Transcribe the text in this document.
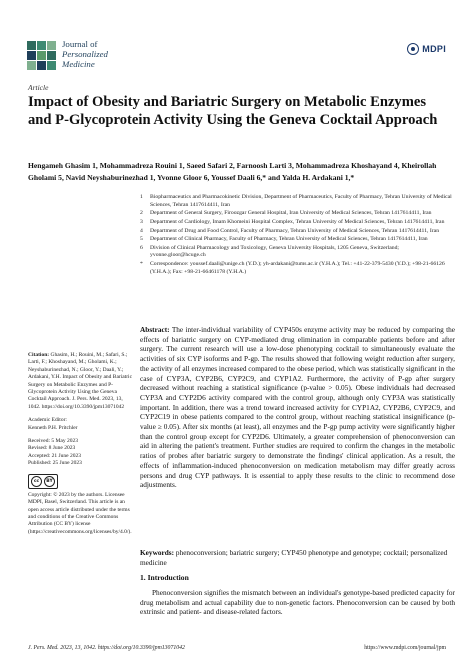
Journal of
Personalized
Medicine
MDPI
Article
Impact of Obesity and Bariatric Surgery on Metabolic Enzymes and P-Glycoprotein Activity Using the Geneva Cocktail Approach
Hengameh Ghasim 1, Mohammadreza Rouini 1, Saeed Safari 2, Farnoosh Larti 3, Mohammadreza Khoshayand 4, Kheirollah Gholami 5, Navid Neyshaburinezhad 1, Yvonne Gloor 6, Youssef Daali 6,* and Yalda H. Ardakani 1,*
1	Biopharmaceutics and Pharmacokinetic Division, Department of Pharmaceutics, Faculty of Pharmacy, Tehran University of Medical Sciences, Tehran 1417614411, Iran
2	Department of General Surgery, Firoozgar General Hospital, Iran University of Medical Sciences, Tehran 1417614411, Iran
3	Department of Cardiology, Imam Khomeini Hospital Complex, Tehran University of Medical Sciences, Tehran 1417614411, Iran
4	Department of Drug and Food Control, Faculty of Pharmacy, Tehran University of Medical Sciences, Tehran 1417614411, Iran
5	Department of Clinical Pharmacy, Faculty of Pharmacy, Tehran University of Medical Sciences, Tehran 1417614411, Iran
6	Division of Clinical Pharmacology and Toxicology, Geneva University Hospitals, 1205 Geneva, Switzerland; yvonne.gloor@hcuge.ch
*	Correspondence: youssef.daali@unige.ch (Y.D.); yh-ardakani@tums.ac.ir (Y.H.A.); Tel.: +41-22-379-5430 (Y.D.); +98-21-66126 (Y.H.A.); Fax: +98-21-66461178 (Y.H.A.)
Citation: Ghasim, H.; Rouini, M.; Safari, S.; Larti, F.; Khoshayand, M.; Gholami, K.; Neyshaburinezhad, N.; Gloor, Y.; Daali, Y.; Ardakani, Y.H. Impact of Obesity and Bariatric Surgery on Metabolic Enzymes and P-Glycoprotein Activity Using the Geneva Cocktail Approach. J. Pers. Med. 2023, 13, 1042. https://doi.org/10.3390/jpm13071042
Academic Editor:
Kenneth P.H. Pritchler
Received: 5 May 2023
Revised: 8 June 2023
Accepted: 21 June 2023
Published: 25 June 2023
cc	BY
Copyright: © 2023 by the authors. Licensee MDPI, Basel, Switzerland. This article is an open access article distributed under the terms and conditions of the Creative Commons Attribution (CC BY) license (https://creativecommons.org/licenses/by/4.0/).
Abstract: The inter-individual variability of CYP450s enzyme activity may be reduced by comparing the effects of bariatric surgery on CYP-mediated drug elimination in comparable patients before and after surgery. The current research will use a low-dose phenotyping cocktail to simultaneously evaluate the activities of six CYP isoforms and P-gp. The results showed that following weight reduction after surgery, the activity of all enzymes increased compared to the obese period, which was statistically significant in the case of CYP3A, CYP2B6, CYP2C9, and CYP1A2. Furthermore, the activity of P-gp after surgery decreased without reaching a statistical significance (p-value > 0.05). Obese individuals had decreased CYP3A and CYP2D6 activity compared with the control group, although only CYP3A was statistically important. In addition, there was a trend toward increased activity for CYP1A2, CYP2B6, CYP2C9, and CYP2C19 in obese patients compared to the control group, without reaching statistical insignificance (p-value ≥ 0.05). After six months (at least), all enzymes and the P-gp pump activity were significantly higher than the control group except for CYP2D6. Ultimately, a greater comprehension of phenoconversion can aid in altering the patient's treatment. Further studies are required to confirm the changes in the metabolic ratios of probes after bariatric surgery to demonstrate the findings' clinical application. As a result, the effects of inflammation-induced phenoconversion on medication metabolism may differ greatly across persons and drug CYP pathways. It is essential to apply these results to the clinic to recommend dose adjustments.
Keywords: phenoconversion; bariatric surgery; CYP450 phenotype and genotype; cocktail; personalized medicine
1. Introduction
Phenoconversion signifies the mismatch between an individual's genotype-based predicted capacity for drug metabolism and actual capability due to non-genetic factors. Phenoconversion can be caused by both extrinsic and patient- and disease-related factors.
J. Pers. Med. 2023, 13, 1042. https://doi.org/10.3390/jpm13071042	https://www.mdpi.com/journal/jpm
